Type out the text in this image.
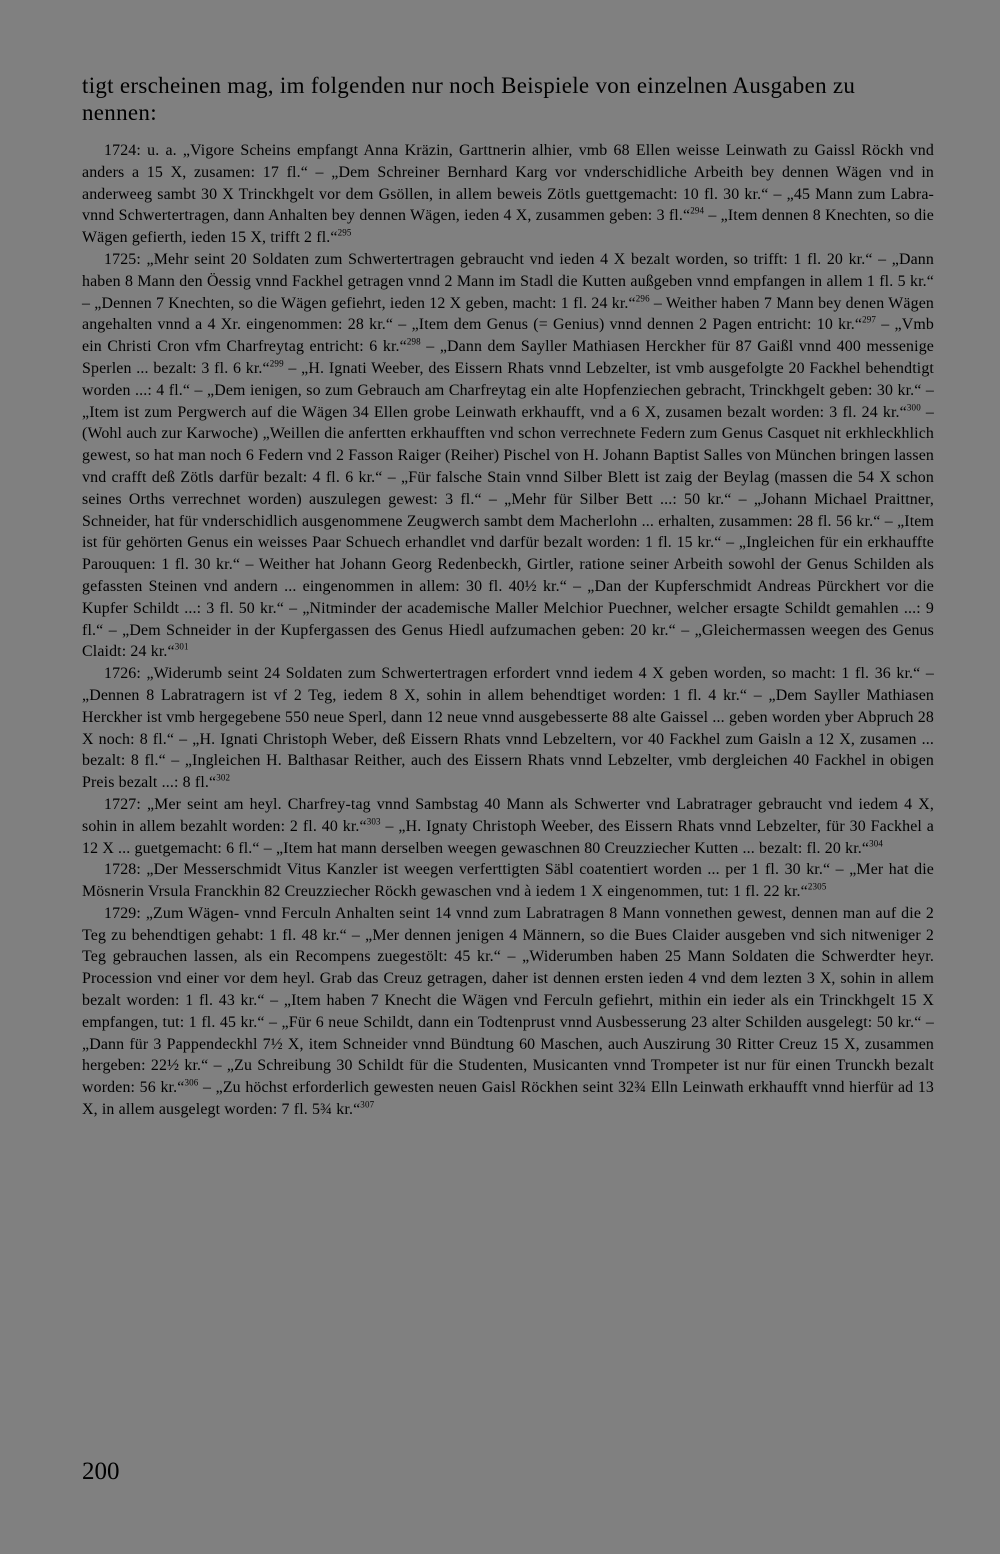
tigt erscheinen mag, im folgenden nur noch Beispiele von einzelnen Ausgaben zu nennen:

1724: u. a. „Vigore Scheins empfangt Anna Kräzin, Garttnerin alhier, vmb 68 Ellen weisse Leinwath zu Gaissl Röckh vnd anders a 15 X, zusamen: 17 fl.“ – „Dem Schreiner Bernhard Karg vor vnderschidliche Arbeith bey dennen Wägen vnd in anderweeg sambt 30 X Trinckhgelt vor dem Gsöllen, in allem beweis Zötls guettgemacht: 10 fl. 30 kr.“ – „45 Mann zum Labra- vnnd Schwertertragen, dann Anhalten bey dennen Wägen, ieden 4 X, zusammen geben: 3 fl.“$^{294}$ – „Item dennen 8 Knechten, so die Wägen gefierth, ieden 15 X, trifft 2 fl.“$^{295}$

1725: „Mehr seint 20 Soldaten zum Schwertertragen gebraucht vnd ieden 4 X bezalt worden, so trifft: 1 fl. 20 kr.“ – „Dann haben 8 Mann den Öessig vnnd Fackhel getragen vnnd 2 Mann im Stadl die Kutten außgeben vnnd empfangen in allem 1 fl. 5 kr.“ – „Dennen 7 Knechten, so die Wägen gefiehrt, ieden 12 X geben, macht: 1 fl. 24 kr.“$^{296}$ – Weither haben 7 Mann bey denen Wägen angehalten vnnd a 4 Xr. eingenommen: 28 kr.“ – „Item dem Genus (= Genius) vnnd dennen 2 Pagen entricht: 10 kr.“$^{297}$ – „Vmb ein Christi Cron vfm Charfreytag entricht: 6 kr.“$^{298}$ – „Dann dem Sayller Mathiasen Herckher für 87 Gaißl vnnd 400 messenige Sperlen ... bezalt: 3 fl. 6 kr.“$^{299}$ – „H. Ignati Weeber, des Eissern Rhats vnnd Lebzelter, ist vmb ausgefolgte 20 Fackhel behendtigt worden ...: 4 fl.“ – „Dem ienigen, so zum Gebrauch am Charfreytag ein alte Hopfenziechen gebracht, Trinckhgelt geben: 30 kr.“ – „Item ist zum Pergwerch auf die Wägen 34 Ellen grobe Leinwath erkhaufft, vnd a 6 X, zusamen bezalt worden: 3 fl. 24 kr.“$^{300}$ – (Wohl auch zur Karwoche) „Weillen die anfertten erkhaufften vnd schon verrechnete Federn zum Genus Casquet nit erkhleckhlich gewest, so hat man noch 6 Federn vnd 2 Fasson Raiger (Reiher) Pischel von H. Johann Baptist Salles von München bringen lassen vnd crafft deß Zötls darfür bezalt: 4 fl. 6 kr.“ – „Für falsche Stain vnnd Silber Blett ist zaig der Beylag (massen die 54 X schon seines Orths verrechnet worden) auszulegen gewest: 3 fl.“ – „Mehr für Silber Bett ...: 50 kr.“ – „Johann Michael Praittner, Schneider, hat für vnderschidlich ausgenommene Zeugwerch sambt dem Macherlohn ... erhalten, zusammen: 28 fl. 56 kr.“ – „Item ist für gehörten Genus ein weisses Paar Schuech erhandlet vnd darfür bezalt worden: 1 fl. 15 kr.“ – „Ingleichen für ein erkhauffte Parouquen: 1 fl. 30 kr.“ – Weither hat Johann Georg Redenbeckh, Girtler, ratione seiner Arbeith sowohl der Genus Schilden als gefassten Steinen vnd andern ... eingenommen in allem: 30 fl. 40½ kr.“ – „Dan der Kupferschmidt Andreas Pürckhert vor die Kupfer Schildt ...: 3 fl. 50 kr.“ – „Nitminder der academische Maller Melchior Puechner, welcher ersagte Schildt gemahlen ...: 9 fl.“ – „Dem Schneider in der Kupfergassen des Genus Hiedl aufzumachen geben: 20 kr.“ – „Gleichermassen weegen des Genus Claidt: 24 kr.“$^{301}$

1726: „Widerumb seint 24 Soldaten zum Schwertertragen erfordert vnnd iedem 4 X geben worden, so macht: 1 fl. 36 kr.“ – „Dennen 8 Labratragern ist vf 2 Teg, iedem 8 X, sohin in allem behendtiget worden: 1 fl. 4 kr.“ – „Dem Sayller Mathiasen Herckher ist vmb hergegebene 550 neue Sperl, dann 12 neue vnnd ausgebesserte 88 alte Gaissel ... geben worden yber Abpruch 28 X noch: 8 fl.“ – „H. Ignati Christoph Weber, deß Eissern Rhats vnnd Lebzeltern, vor 40 Fackhel zum Gaisln a 12 X, zusamen ... bezalt: 8 fl.“ – „Ingleichen H. Balthasar Reither, auch des Eissern Rhats vnnd Lebzelter, vmb dergleichen 40 Fackhel in obigen Preis bezalt ...: 8 fl.“$^{302}$

1727: „Mer seint am heyl. Charfrey-tag vnnd Sambstag 40 Mann als Schwerter vnd Labratrager gebraucht vnd iedem 4 X, sohin in allem bezahlt worden: 2 fl. 40 kr.“$^{303}$ – „H. Ignaty Christoph Weeber, des Eissern Rhats vnnd Lebzelter, für 30 Fackhel a 12 X ... guetgemacht: 6 fl.“ – „Item hat mann derselben weegen gewaschnen 80 Creuzziecher Kutten ... bezalt: fl. 20 kr.“$^{304}$

1728: „Der Messerschmidt Vitus Kanzler ist weegen verferttigten Säbl coatentiert worden ... per 1 fl. 30 kr.“ – „Mer hat die Mösnerin Vrsula Franckhin 82 Creuzziecher Röckh gewaschen vnd à iedem 1 X eingenommen, tut: 1 fl. 22 kr.“$^{2305}$

1729: „Zum Wägen- vnnd Ferculn Anhalten seint 14 vnnd zum Labratragen 8 Mann vonnethen gewest, dennen man auf die 2 Teg zu behendtigen gehabt: 1 fl. 48 kr.“ – „Mer dennen jenigen 4 Männern, so die Bues Claider ausgeben vnd sich nitweniger 2 Teg gebrauchen lassen, als ein Recompens zuegestölt: 45 kr.“ – „Widerumben haben 25 Mann Soldaten die Schwerdter heyr. Procession vnd einer vor dem heyl. Grab das Creuz getragen, daher ist dennen ersten ieden 4 vnd dem lezten 3 X, sohin in allem bezalt worden: 1 fl. 43 kr.“ – „Item haben 7 Knecht die Wägen vnd Ferculn gefiehrt, mithin ein ieder als ein Trinckhgelt 15 X empfangen, tut: 1 fl. 45 kr.“ – „Für 6 neue Schildt, dann ein Todtenprust vnnd Ausbesserung 23 alter Schilden ausgelegt: 50 kr.“ – „Dann für 3 Pappendeckhl 7½ X, item Schneider vnnd Bündtung 60 Maschen, auch Auszirung 30 Ritter Creuz 15 X, zusammen hergeben: 22½ kr.“ – „Zu Schreibung 30 Schildt für die Studenten, Musicanten vnnd Trompeter ist nur für einen Trunckh bezalt worden: 56 kr.“$^{306}$ – „Zu höchst erforderlich gewesten neuen Gaisl Röckhen seint 32¾ Elln Leinwath erkhaufft vnnd hierfür ad 13 X, in allem ausgelegt worden: 7 fl. 5¾ kr.“$^{307}$

200
